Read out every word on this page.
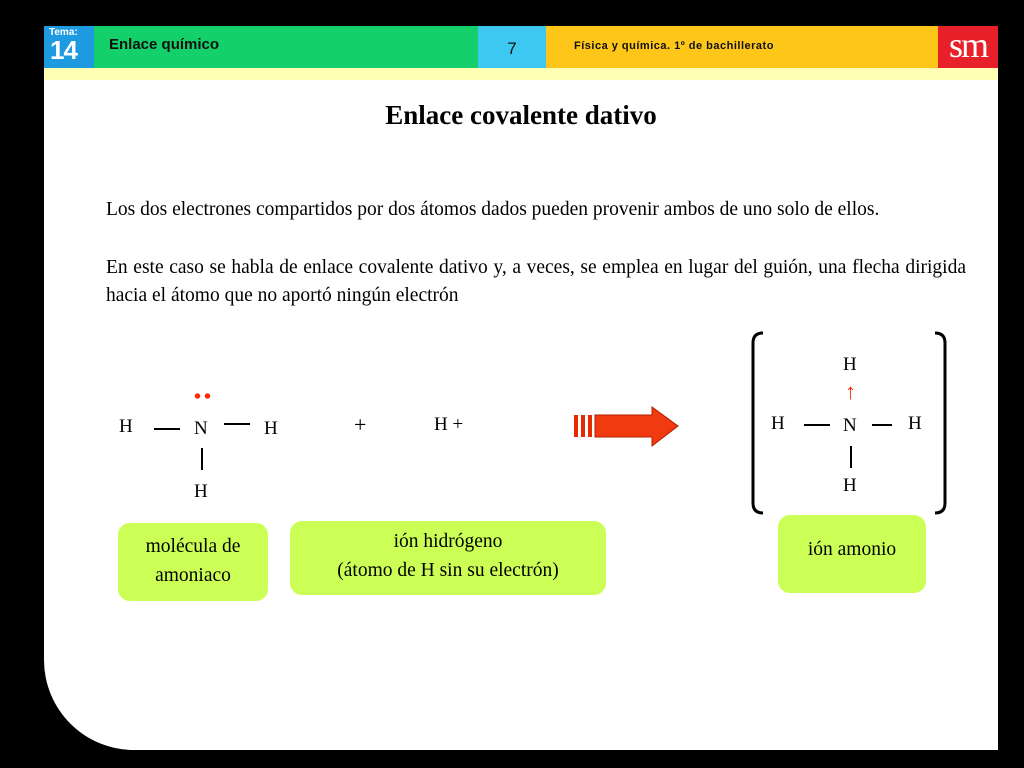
Tema:
14	Enlace químico	7	Física y química. 1º de bachillerato	sm
Enlace covalente dativo
Los dos electrones compartidos por dos átomos dados pueden provenir ambos de uno solo de ellos.
En este caso se habla de enlace covalente dativo y, a veces, se emplea en lugar del guión, una flecha dirigida hacia el átomo que no aportó ningún electrón
••
H	N	H
H
+	H +
H
↑
H	N	H
H
molécula de
amoniaco
ión hidrógeno
(átomo de H sin su electrón)
ión amonio
